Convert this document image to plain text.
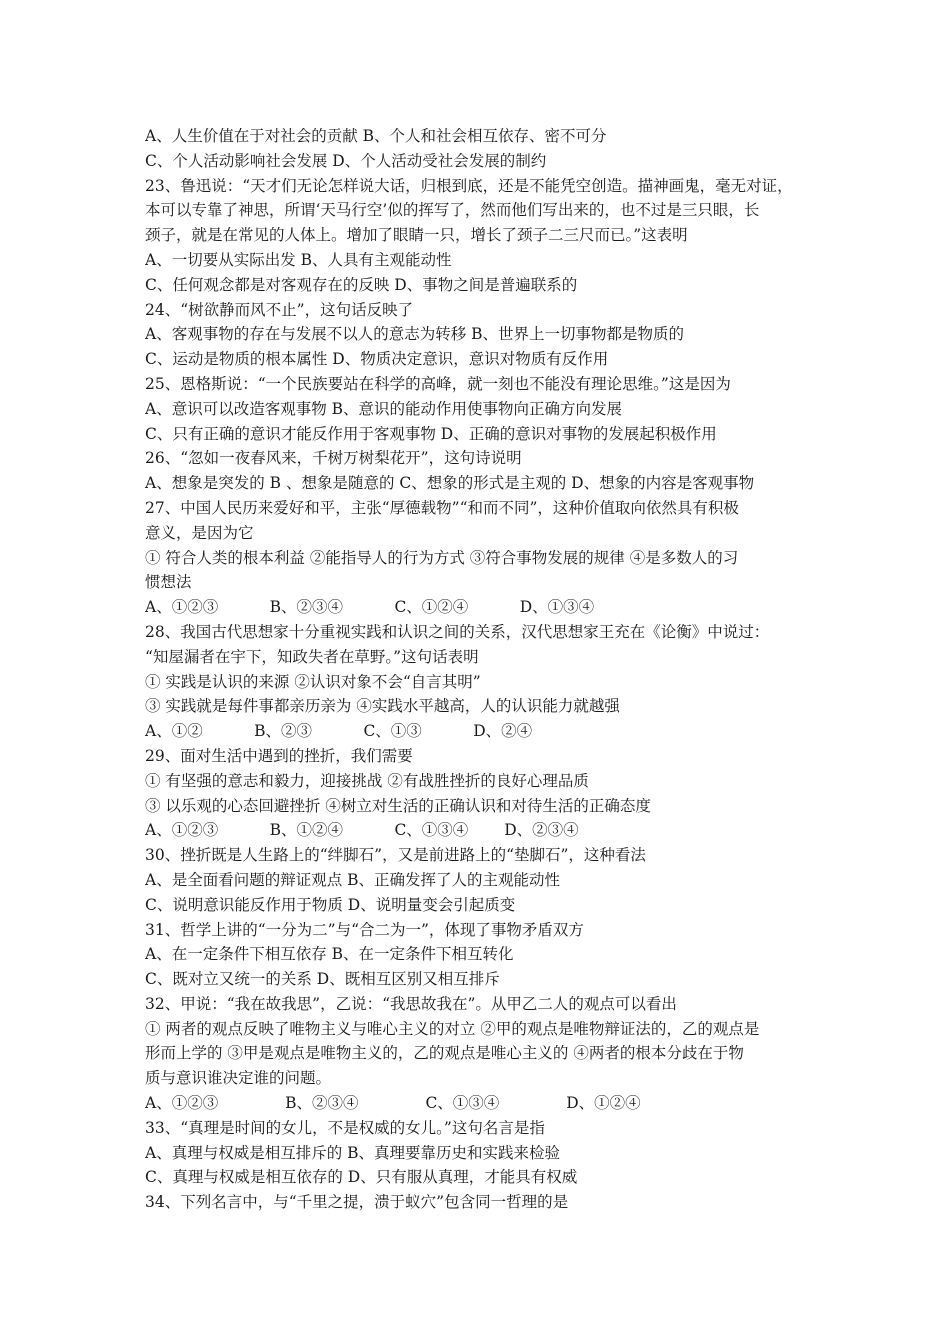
A、人生价值在于对社会的贡献 B、个人和社会相互依存、密不可分
C、个人活动影响社会发展 D、个人活动受社会发展的制约
23、鲁迅说：“天才们无论怎样说大话，归根到底，还是不能凭空创造。描神画鬼，毫无对证，
本可以专靠了神思，所谓‘天马行空’似的挥写了，然而他们写出来的，也不过是三只眼，长
颈子，就是在常见的人体上。增加了眼睛一只，增长了颈子二三尺而已。”这表明
A、一切要从实际出发 B、人具有主观能动性
C、任何观念都是对客观存在的反映 D、事物之间是普遍联系的
24、“树欲静而风不止”，这句话反映了
A、客观事物的存在与发展不以人的意志为转移 B、世界上一切事物都是物质的
C、运动是物质的根本属性 D、物质决定意识，意识对物质有反作用
25、恩格斯说：“一个民族要站在科学的高峰，就一刻也不能没有理论思维。”这是因为
A、意识可以改造客观事物 B、意识的能动作用使事物向正确方向发展
C、只有正确的意识才能反作用于客观事物 D、正确的意识对事物的发展起积极作用
26、“忽如一夜春风来，千树万树梨花开”，这句诗说明
A、想象是突发的 B 、想象是随意的 C、想象的形式是主观的 D、想象的内容是客观事物
27、中国人民历来爱好和平，主张“厚德载物”“和而不同”，这种价值取向依然具有积极
意义，是因为它
① 符合人类的根本利益 ②能指导人的行为方式 ③符合事物发展的规律 ④是多数人的习
惯想法
A、①②③　　　 B、②③④　　　 C、①②④　　　 D、①③④
28、我国古代思想家十分重视实践和认识之间的关系，汉代思想家王充在《论衡》中说过：
“知屋漏者在宇下，知政失者在草野。”这句话表明
① 实践是认识的来源 ②认识对象不会“自言其明”
③ 实践就是每件事都亲历亲为 ④实践水平越高，人的认识能力就越强
A、①②　　　 B、②③　　　 C、①③　　　 D、②④
29、面对生活中遇到的挫折，我们需要
① 有坚强的意志和毅力，迎接挑战 ②有战胜挫折的良好心理品质
③ 以乐观的心态回避挫折 ④树立对生活的正确认识和对待生活的正确态度
A、①②③　　　 B、①②④　　　 C、①③④　　 D、②③④
30、挫折既是人生路上的“绊脚石”，又是前进路上的“垫脚石”，这种看法
A、是全面看问题的辩证观点 B、正确发挥了人的主观能动性
C、说明意识能反作用于物质 D、说明量变会引起质变
31、哲学上讲的“一分为二”与“合二为一”，体现了事物矛盾双方
A、在一定条件下相互依存 B、在一定条件下相互转化
C、既对立又统一的关系 D、既相互区别又相互排斥
32、甲说：“我在故我思”，乙说：“我思故我在”。从甲乙二人的观点可以看出
① 两者的观点反映了唯物主义与唯心主义的对立 ②甲的观点是唯物辩证法的，乙的观点是
形而上学的 ③甲是观点是唯物主义的，乙的观点是唯心主义的 ④两者的根本分歧在于物
质与意识谁决定谁的问题。
A、①②③　　　　 B、②③④　　　　 C、①③④　　　　 D、①②④
33、“真理是时间的女儿，不是权威的女儿。”这句名言是指
A、真理与权威是相互排斥的 B、真理要靠历史和实践来检验
C、真理与权威是相互依存的 D、只有服从真理，才能具有权威
34、下列名言中，与“千里之提，溃于蚁穴”包含同一哲理的是
